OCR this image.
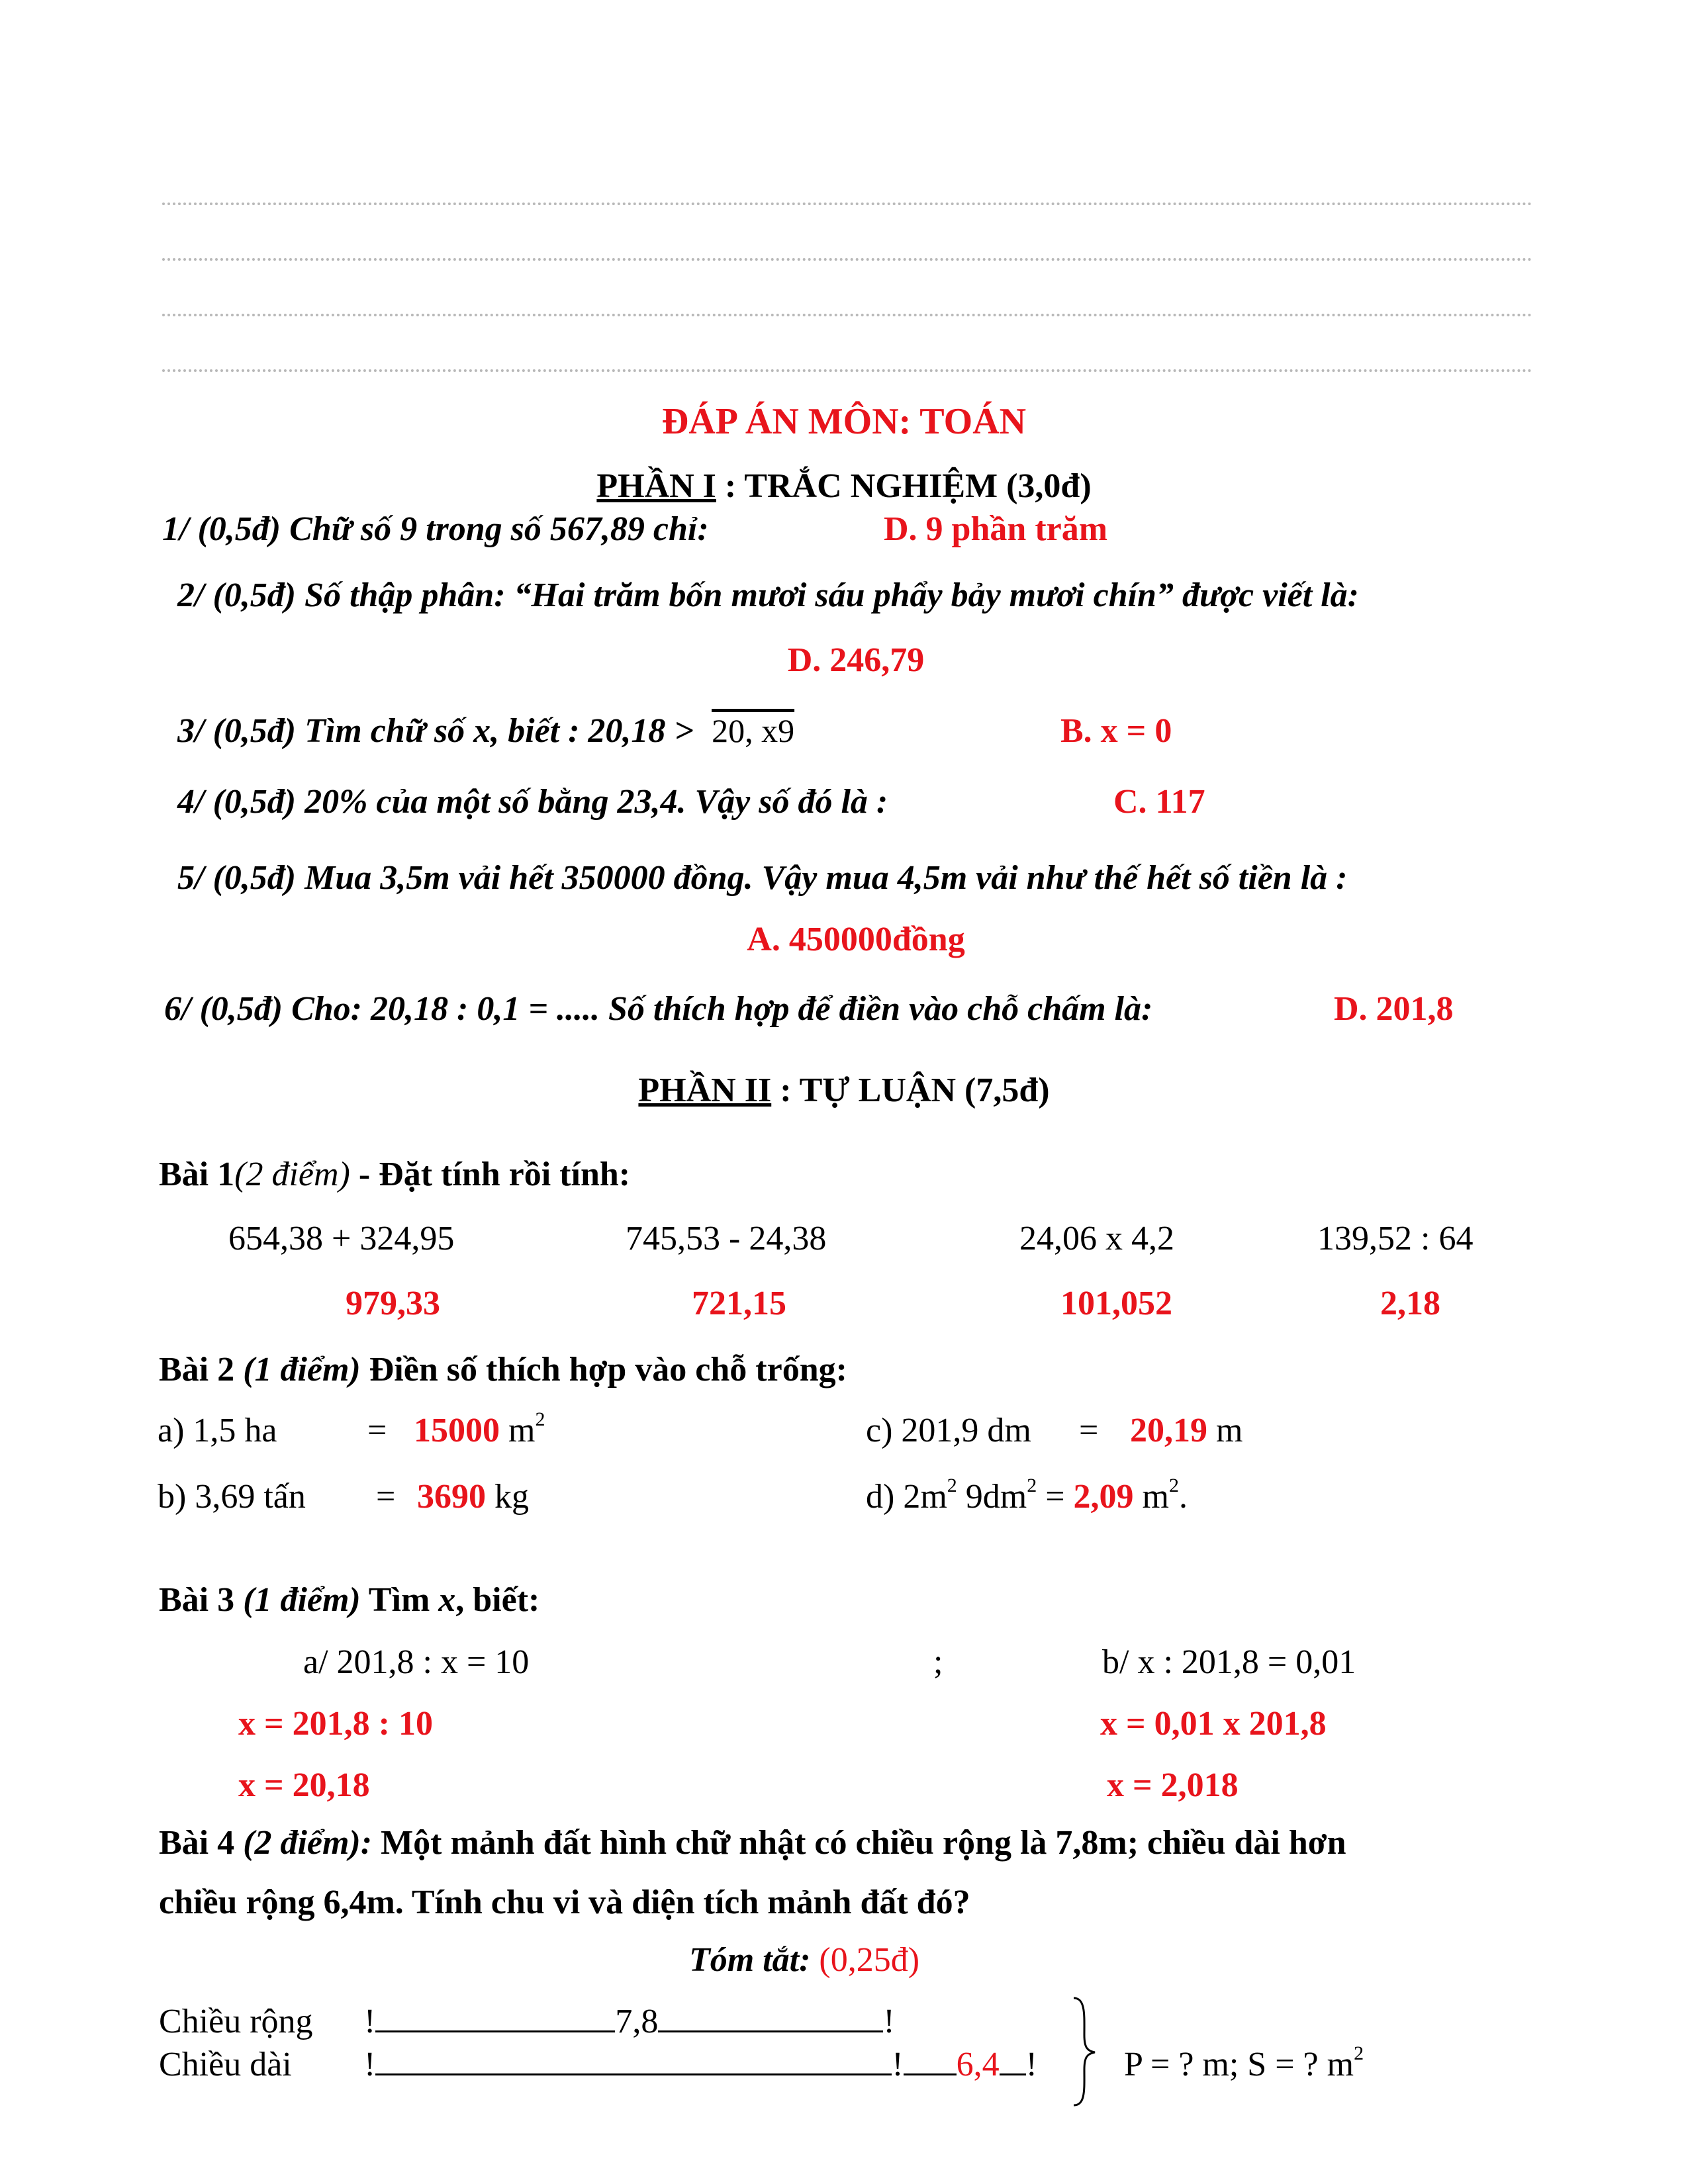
ĐÁP ÁN MÔN: TOÁN
PHẦN I : TRẮC NGHIỆM (3,0đ)
1/ (0,5đ) Chữ số 9 trong số 567,89 chỉ:	D. 9 phần trăm
2/ (0,5đ) Số thập phân: “Hai trăm bốn mươi sáu phẩy bảy mươi chín” được viết là:
D. 246,79
3/ (0,5đ) Tìm chữ số x, biết : 20,18 > 20, x9	B. x = 0
4/ (0,5đ) 20% của một số bằng 23,4. Vậy số đó là :	C. 117
5/ (0,5đ) Mua 3,5m vải hết 350000 đồng. Vậy mua 4,5m vải như thế hết số tiền là :
A. 450000đồng
6/ (0,5đ) Cho: 20,18 : 0,1 = ..... Số thích hợp để điền vào chỗ chấm là:	D. 201,8
PHẦN II : TỰ LUẬN (7,5đ)
Bài 1(2 điểm) - Đặt tính rồi tính:
654,38 + 324,95	745,53 - 24,38	24,06 x 4,2	139,52 : 64
979,33	721,15	101,052	2,18
Bài 2 (1 điểm) Điền số thích hợp vào chỗ trống:
a) 1,5 ha	= 15000 $m^2$	c) 201,9 dm = 20,19 m
b) 3,69 tấn = 3690 kg	d) $2m^2$ $9dm^2 = 2,09$ $m^2$.
Bài 3 (1 điểm) Tìm x, biết:
a/ 201,8 : x = 10	;	b/ x : 201,8 = 0,01
x = 201,8 : 10	x = 0,01 x 201,8
x = 20,18	x = 2,018
Bài 4 (2 điểm): Một mảnh đất hình chữ nhật có chiều rộng là 7,8m; chiều dài hơn
chiều rộng 6,4m. Tính chu vi và diện tích mảnh đất đó?
Tóm tắt: (0,25đ)
Chiều rộng !	7,8	!
Chiều dài !	! 6,4 !	P = ? m; S = ? $m^2$
